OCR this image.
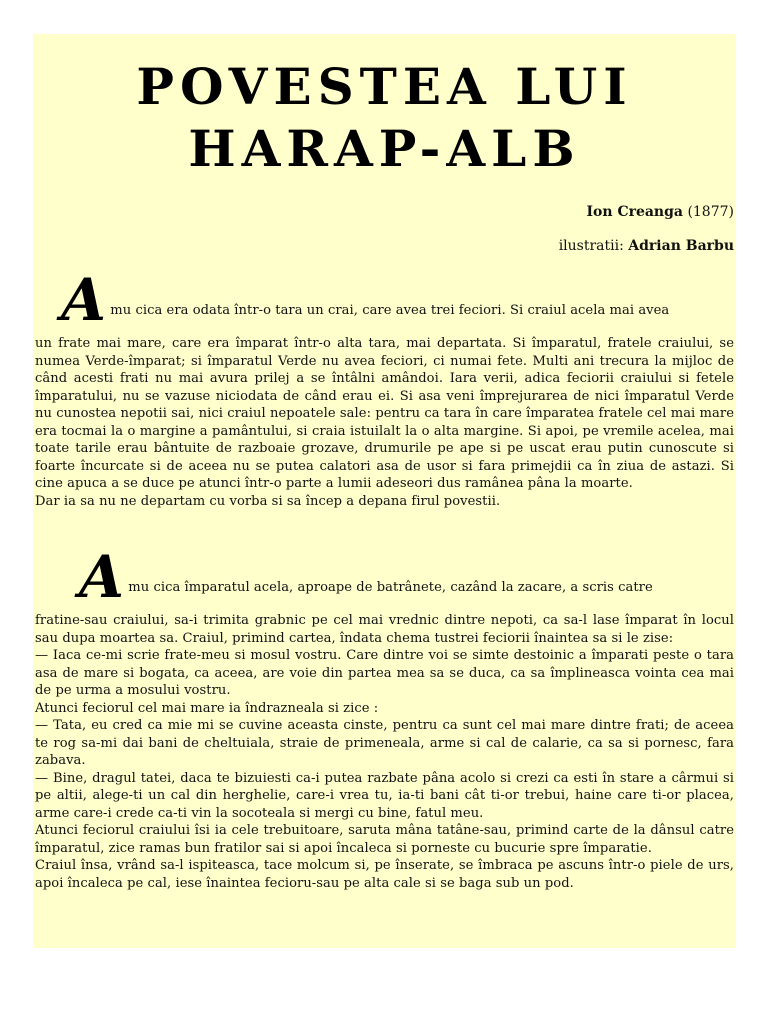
POVESTEA LUI
HARAP-ALB
Ion Creanga (1877)
ilustratii: Adrian Barbu

A mu cica era odata într-o tara un crai, care avea trei feciori. Si craiul acela mai avea

un frate mai mare, care era împarat într-o alta tara, mai departata. Si împaratul, fratele craiului, se numea Verde-împarat; si împaratul Verde nu avea feciori, ci numai fete. Multi ani trecura la mijloc de când acesti frati nu mai avura prilej a se întâlni amândoi. Iara verii, adica feciorii craiului si fetele împaratului, nu se vazuse niciodata de când erau ei. Si asa veni împrejurarea de nici împaratul Verde nu cunostea nepotii sai, nici craiul nepoatele sale: pentru ca tara în care împaratea fratele cel mai mare era tocmai la o margine a pamântului, si craia istuilalt la o alta margine. Si apoi, pe vremile acelea, mai toate tarile erau bântuite de razboaie grozave, drumurile pe ape si pe uscat erau putin cunoscute si foarte încurcate si de aceea nu se putea calatori asa de usor si fara primejdii ca în ziua de astazi. Si cine apuca a se duce pe atunci într-o parte a lumii adeseori dus ramânea pâna la moarte.

Dar ia sa nu ne departam cu vorba si sa încep a depana firul povestii.

A mu cica împaratul acela, aproape de batrânete, cazând la zacare, a scris catre

fratine-sau craiului, sa-i trimita grabnic pe cel mai vrednic dintre nepoti, ca sa-l lase împarat în locul sau dupa moartea sa. Craiul, primind cartea, îndata chema tustrei feciorii înaintea sa si le zise:

— Iaca ce-mi scrie frate-meu si mosul vostru. Care dintre voi se simte destoinic a împarati peste o tara asa de mare si bogata, ca aceea, are voie din partea mea sa se duca, ca sa împlineasca vointa cea mai de pe urma a mosului vostru.

Atunci feciorul cel mai mare ia îndrazneala si zice :

— Tata, eu cred ca mie mi se cuvine aceasta cinste, pentru ca sunt cel mai mare dintre frati; de aceea te rog sa-mi dai bani de cheltuiala, straie de primeneala, arme si cal de calarie, ca sa si pornesc, fara zabava.

— Bine, dragul tatei, daca te bizuiesti ca-i putea razbate pâna acolo si crezi ca esti în stare a cârmui si pe altii, alege-ti un cal din herghelie, care-i vrea tu, ia-ti bani cât ti-or trebui, haine care ti-or placea, arme care-i crede ca-ti vin la socoteala si mergi cu bine, fatul meu.

Atunci feciorul craiului îsi ia cele trebuitoare, saruta mâna tatâne-sau, primind carte de la dânsul catre împaratul, zice ramas bun fratilor sai si apoi încaleca si porneste cu bucurie spre împaratie.

Craiul însa, vrând sa-l ispiteasca, tace molcum si, pe înserate, se îmbraca pe ascuns într-o piele de urs, apoi încaleca pe cal, iese înaintea fecioru-sau pe alta cale si se baga sub un pod.
